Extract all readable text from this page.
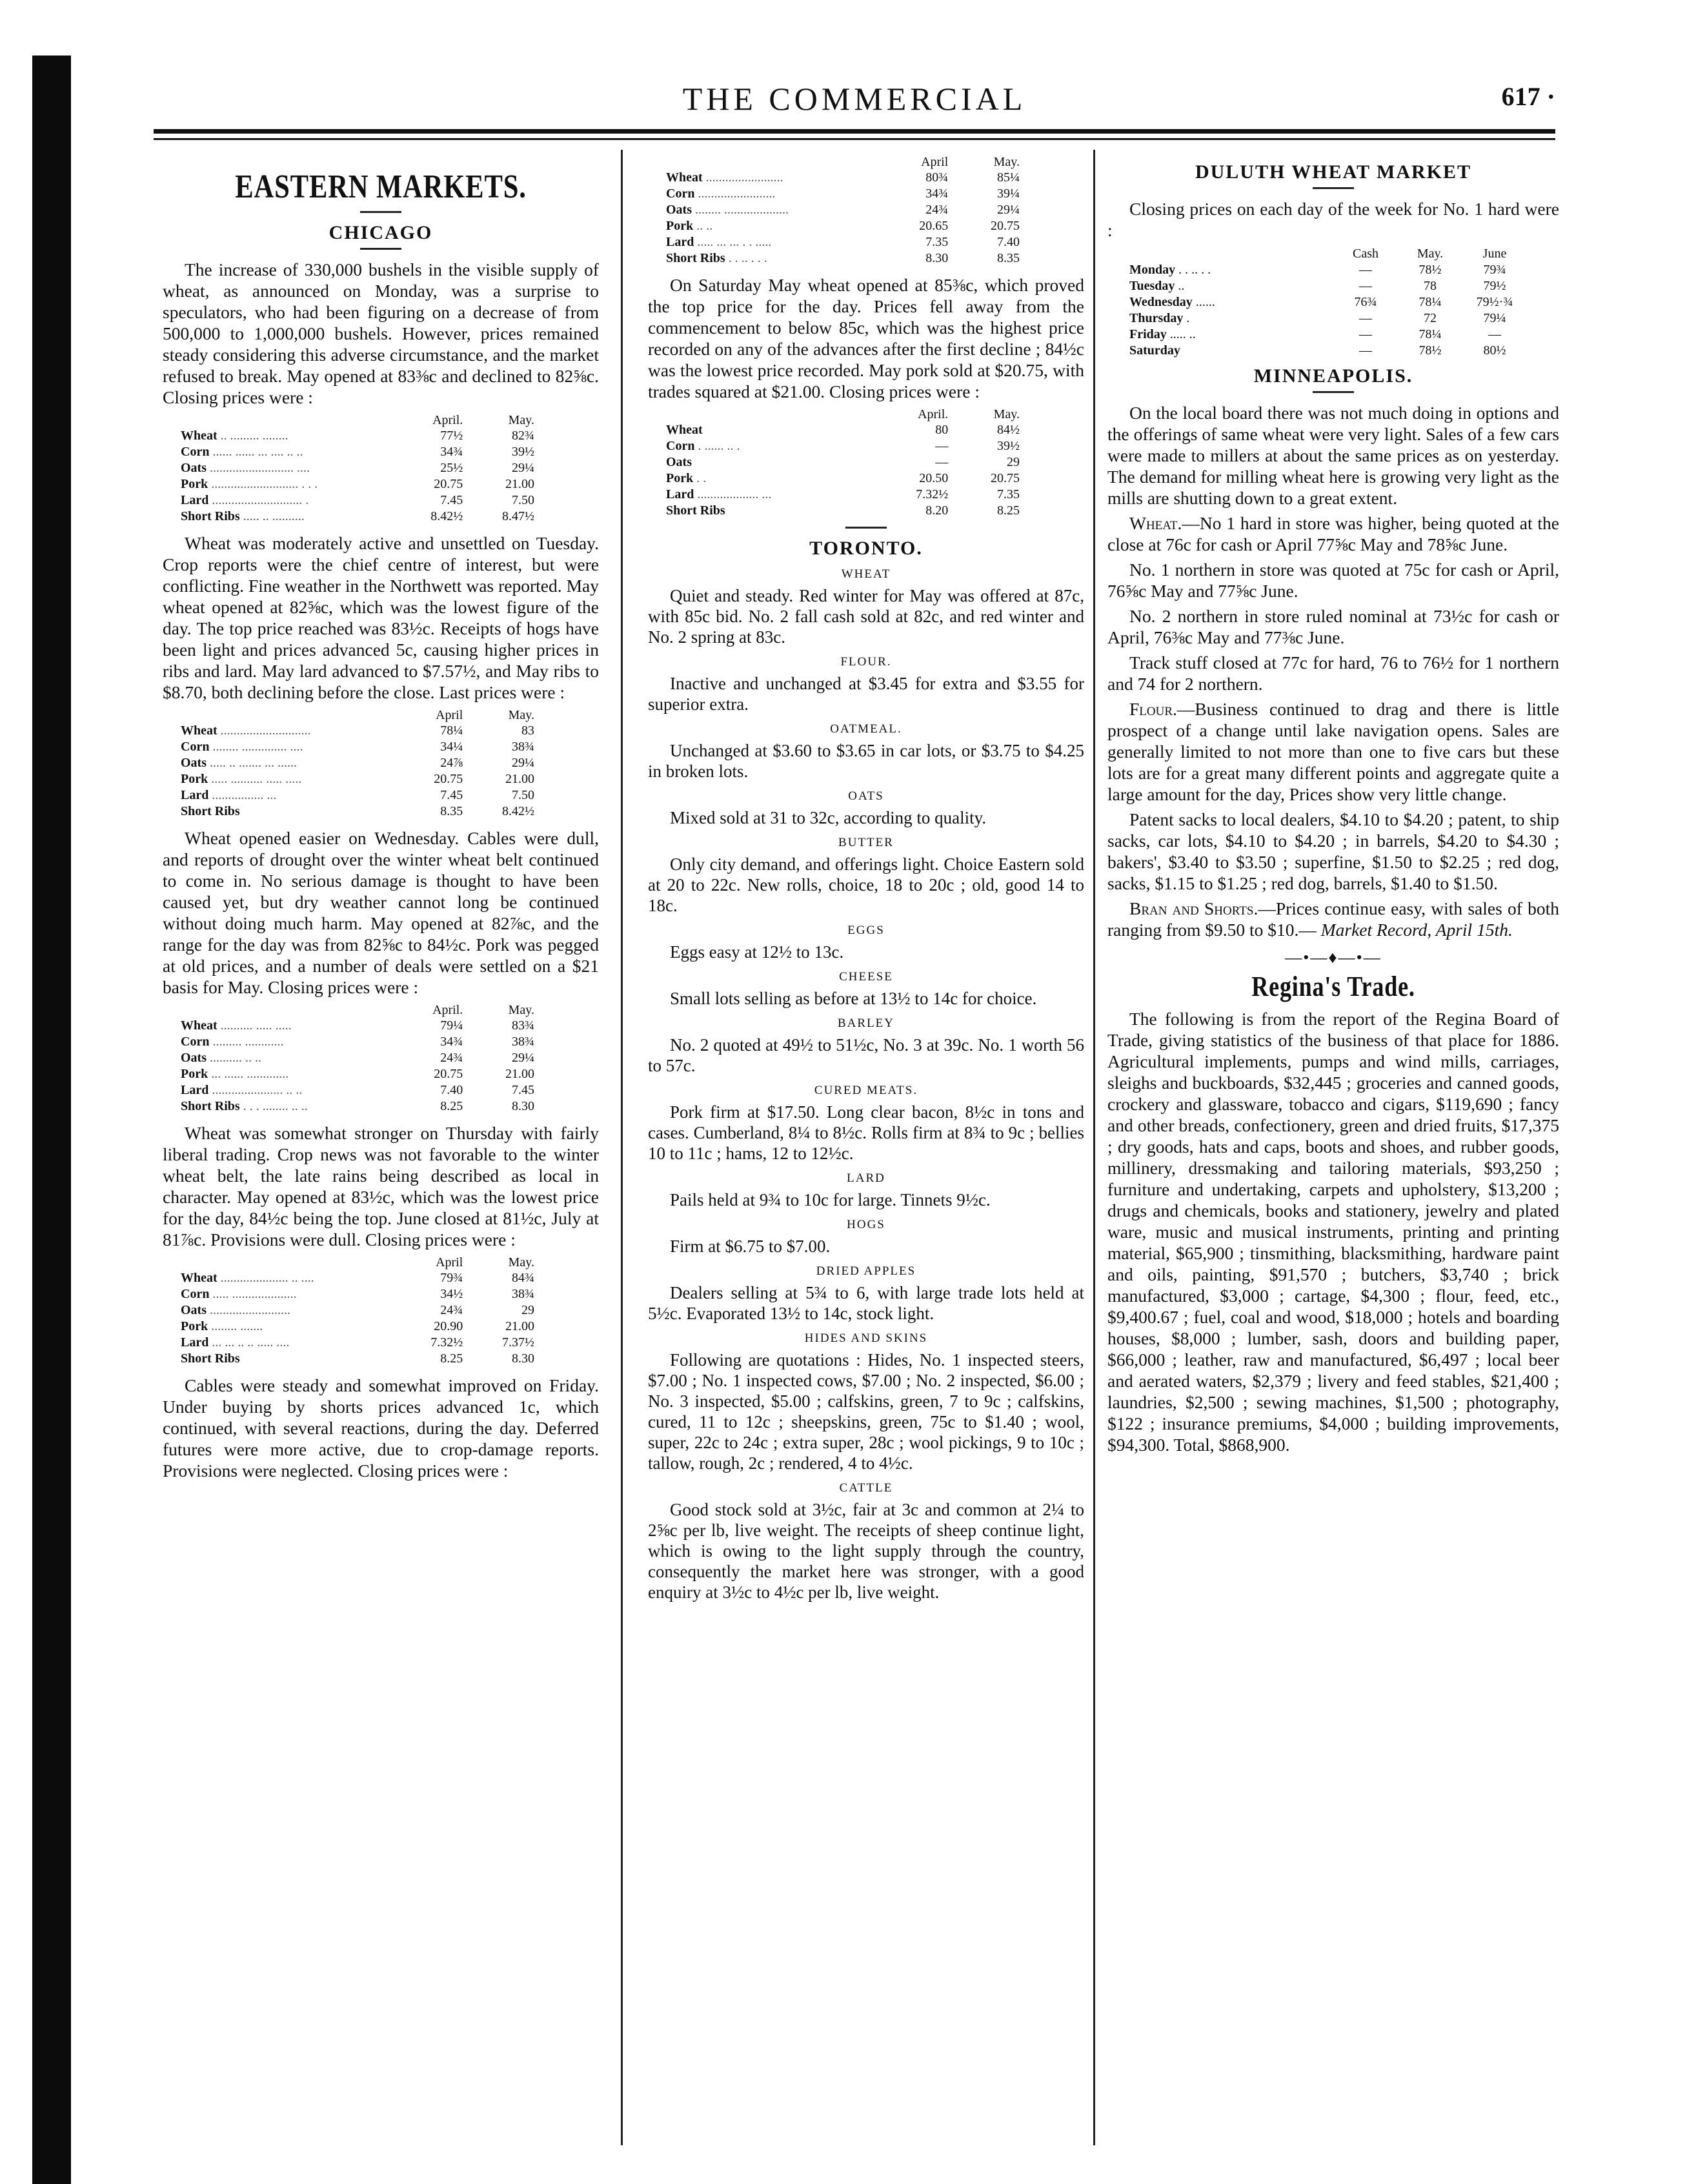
THE COMMERCIAL	617 ·
EASTERN MARKETS.
CHICAGO

The increase of 330,000 bushels in the visible supply of wheat, as announced on Monday, was a surprise to speculators, who had been figuring on a decrease of from 500,000 to 1,000,000 bushels. However, prices remained steady considering this adverse circumstance, and the market refused to break. May opened at 83⅜c and declined to 82⅝c. Closing prices were :

	April.	May.
Wheat .. ......... ........	77½	82¾
Corn ...... ...... ... .... .. ..	34¾	39½
Oats .......................... ....	25½	29¼
Pork ........................... . . .	20.75	21.00
Lard ............................ .	7.45	7.50
Short Ribs ..... .. ..........	8.42½	8.47½

Wheat was moderately active and unsettled on Tuesday. Crop reports were the chief centre of interest, but were conflicting. Fine weather in the Northwett was reported. May wheat opened at 82⅝c, which was the lowest figure of the day. The top price reached was 83½c. Receipts of hogs have been light and prices advanced 5c, causing higher prices in ribs and lard. May lard advanced to $7.57½, and May ribs to $8.70, both declining before the close. Last prices were :

	April	May.
Wheat ............................	78¼	83
Corn ........ .............. ....	34¼	38¾
Oats ..... .. ....... ... ......	24⅞	29¼
Pork ..... .......... ..... .....	20.75	21.00
Lard ................ ...	7.45	7.50
Short Ribs	8.35	8.42½

Wheat opened easier on Wednesday. Cables were dull, and reports of drought over the winter wheat belt continued to come in. No serious damage is thought to have been caused yet, but dry weather cannot long be continued without doing much harm. May opened at 82⅞c, and the range for the day was from 82⅝c to 84½c. Pork was pegged at old prices, and a number of deals were settled on a $21 basis for May. Closing prices were :

	April.	May.
Wheat .......... ..... .....	79¼	83¾
Corn ......... ............	34¾	38¾
Oats .......... .. ..	24¾	29¼
Pork ... ...... .............	20.75	21.00
Lard ...................... .. ..	7.40	7.45
Short Ribs . . . ........ .. ..	8.25	8.30

Wheat was somewhat stronger on Thursday with fairly liberal trading. Crop news was not favorable to the winter wheat belt, the late rains being described as local in character. May opened at 83½c, which was the lowest price for the day, 84½c being the top. June closed at 81½c, July at 81⅞c. Provisions were dull. Closing prices were :

	April	May.
Wheat ..................... .. ....	79¾	84¾
Corn ..... ....................	34½	38¾
Oats .........................	24¾	29
Pork ........ .......	20.90	21.00
Lard ... ... .. .. ..... ....	7.32½	7.37½
Short Ribs	8.25	8.30

Cables were steady and somewhat improved on Friday. Under buying by shorts prices advanced 1c, which continued, with several reactions, during the day. Deferred futures were more active, due to crop-damage reports. Provisions were neglected. Closing prices were :

	April	May.
Wheat ........................	80¾	85¼
Corn ........................	34¾	39¼
Oats ........ ....................	24¾	29¼
Pork .. ..	20.65	20.75
Lard ..... ... ... . . .....	7.35	7.40
Short Ribs . . .. . . .	8.30	8.35

On Saturday May wheat opened at 85⅜c, which proved the top price for the day. Prices fell away from the commencement to below 85c, which was the highest price recorded on any of the advances after the first decline ; 84½c was the lowest price recorded. May pork sold at $20.75, with trades squared at $21.00. Closing prices were :

	April.	May.
Wheat	80	84½
Corn . ...... .. .	—	39½
Oats	—	29
Pork . .	20.50	20.75
Lard ................... ...	7.32½	7.35
Short Ribs	8.20	8.25
TORONTO.
WHEAT

Quiet and steady. Red winter for May was offered at 87c, with 85c bid. No. 2 fall cash sold at 82c, and red winter and No. 2 spring at 83c.

FLOUR.

Inactive and unchanged at $3.45 for extra and $3.55 for superior extra.

OATMEAL.

Unchanged at $3.60 to $3.65 in car lots, or $3.75 to $4.25 in broken lots.

OATS

Mixed sold at 31 to 32c, according to quality.

BUTTER

Only city demand, and offerings light. Choice Eastern sold at 20 to 22c. New rolls, choice, 18 to 20c ; old, good 14 to 18c.

EGGS

Eggs easy at 12½ to 13c.

CHEESE

Small lots selling as before at 13½ to 14c for choice.

BARLEY

No. 2 quoted at 49½ to 51½c, No. 3 at 39c. No. 1 worth 56 to 57c.

CURED MEATS.

Pork firm at $17.50. Long clear bacon, 8½c in tons and cases. Cumberland, 8¼ to 8½c. Rolls firm at 8¾ to 9c ; bellies 10 to 11c ; hams, 12 to 12½c.

LARD

Pails held at 9¾ to 10c for large. Tinnets 9½c.

HOGS

Firm at $6.75 to $7.00.

DRIED APPLES

Dealers selling at 5¾ to 6, with large trade lots held at 5½c. Evaporated 13½ to 14c, stock light.

HIDES AND SKINS

Following are quotations : Hides, No. 1 inspected steers, $7.00 ; No. 1 inspected cows, $7.00 ; No. 2 inspected, $6.00 ; No. 3 inspected, $5.00 ; calfskins, green, 7 to 9c ; calfskins, cured, 11 to 12c ; sheepskins, green, 75c to $1.40 ; wool, super, 22c to 24c ; extra super, 28c ; wool pickings, 9 to 10c ; tallow, rough, 2c ; rendered, 4 to 4½c.

CATTLE

Good stock sold at 3½c, fair at 3c and common at 2¼ to 2⅝c per lb, live weight. The receipts of sheep continue light, which is owing to the light supply through the country, consequently the market here was stronger, with a good enquiry at 3½c to 4½c per lb, live weight.

DULUTH WHEAT MARKET

Closing prices on each day of the week for No. 1 hard were :

	Cash	May.	June
Monday . . .. . .	—	78½	79¾
Tuesday ..	—	78	79½
Wednesday ......	76¾	78¼	79½·¾
Thursday .	—	72	79¼
Friday ..... ..	—	78¼	—
Saturday	—	78½	80½
MINNEAPOLIS.

On the local board there was not much doing in options and the offerings of same wheat were very light. Sales of a few cars were made to millers at about the same prices as on yesterday. The demand for milling wheat here is growing very light as the mills are shutting down to a great extent.

Wheat.—No 1 hard in store was higher, being quoted at the close at 76c for cash or April 77⅝c May and 78⅝c June.

No. 1 northern in store was quoted at 75c for cash or April, 76⅝c May and 77⅝c June.

No. 2 northern in store ruled nominal at 73½c for cash or April, 76⅜c May and 77⅜c June.

Track stuff closed at 77c for hard, 76 to 76½ for 1 northern and 74 for 2 northern.

Flour.—Business continued to drag and there is little prospect of a change until lake navigation opens. Sales are generally limited to not more than one to five cars but these lots are for a great many different points and aggregate quite a large amount for the day, Prices show very little change.

Patent sacks to local dealers, $4.10 to $4.20 ; patent, to ship sacks, car lots, $4.10 to $4.20 ; in barrels, $4.20 to $4.30 ; bakers', $3.40 to $3.50 ; superfine, $1.50 to $2.25 ; red dog, sacks, $1.15 to $1.25 ; red dog, barrels, $1.40 to $1.50.

Bran and Shorts.—Prices continue easy, with sales of both ranging from $9.50 to $10.— Market Record, April 15th.

—•—♦—•—
Regina's Trade.

The following is from the report of the Regina Board of Trade, giving statistics of the business of that place for 1886. Agricultural implements, pumps and wind mills, carriages, sleighs and buckboards, $32,445 ; groceries and canned goods, crockery and glassware, tobacco and cigars, $119,690 ; fancy and other breads, confectionery, green and dried fruits, $17,375 ; dry goods, hats and caps, boots and shoes, and rubber goods, millinery, dressmaking and tailoring materials, $93,250 ; furniture and undertaking, carpets and upholstery, $13,200 ; drugs and chemicals, books and stationery, jewelry and plated ware, music and musical instruments, printing and printing material, $65,900 ; tinsmithing, blacksmithing, hardware paint and oils, painting, $91,570 ; butchers, $3,740 ; brick manufactured, $3,000 ; cartage, $4,300 ; flour, feed, etc., $9,400.67 ; fuel, coal and wood, $18,000 ; hotels and boarding houses, $8,000 ; lumber, sash, doors and building paper, $66,000 ; leather, raw and manufactured, $6,497 ; local beer and aerated waters, $2,379 ; livery and feed stables, $21,400 ; laundries, $2,500 ; sewing machines, $1,500 ; photography, $122 ; insurance premiums, $4,000 ; building improvements, $94,300. Total, $868,900.
